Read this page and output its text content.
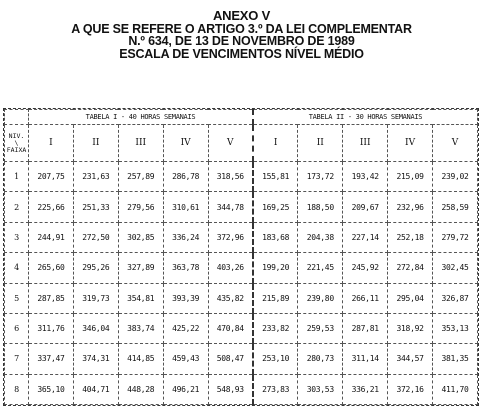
ANEXO V
A QUE SE REFERE O ARTIGO 3.º DA LEI COMPLEMENTAR
N.º 634, DE 13 DE NOVEMBRO DE 1989
ESCALA DE VENCIMENTOS NÍVEL MÉDIO
	TABELA I - 40 HORAS SEMANAIS					TABELA II - 30 HORAS SEMANAIS				

NIV.
\
FAIXA	I	II	III	IV	V	I	II	III	IV	V
1	207,75	231,63	257,89	286,78	318,56	155,81	173,72	193,42	215,09	239,02
2	225,66	251,33	279,56	310,61	344,78	169,25	188,50	209,67	232,96	258,59
3	244,91	272,50	302,85	336,24	372,96	183,68	204,38	227,14	252,18	279,72
4	265,60	295,26	327,89	363,78	403,26	199,20	221,45	245,92	272,84	302,45
5	287,85	319,73	354,81	393,39	435,82	215,89	239,80	266,11	295,04	326,87
6	311,76	346,04	383,74	425,22	470,84	233,82	259,53	287,81	318,92	353,13
7	337,47	374,31	414,85	459,43	508,47	253,10	280,73	311,14	344,57	381,35
8	365,10	404,71	448,28	496,21	548,93	273,83	303,53	336,21	372,16	411,70
